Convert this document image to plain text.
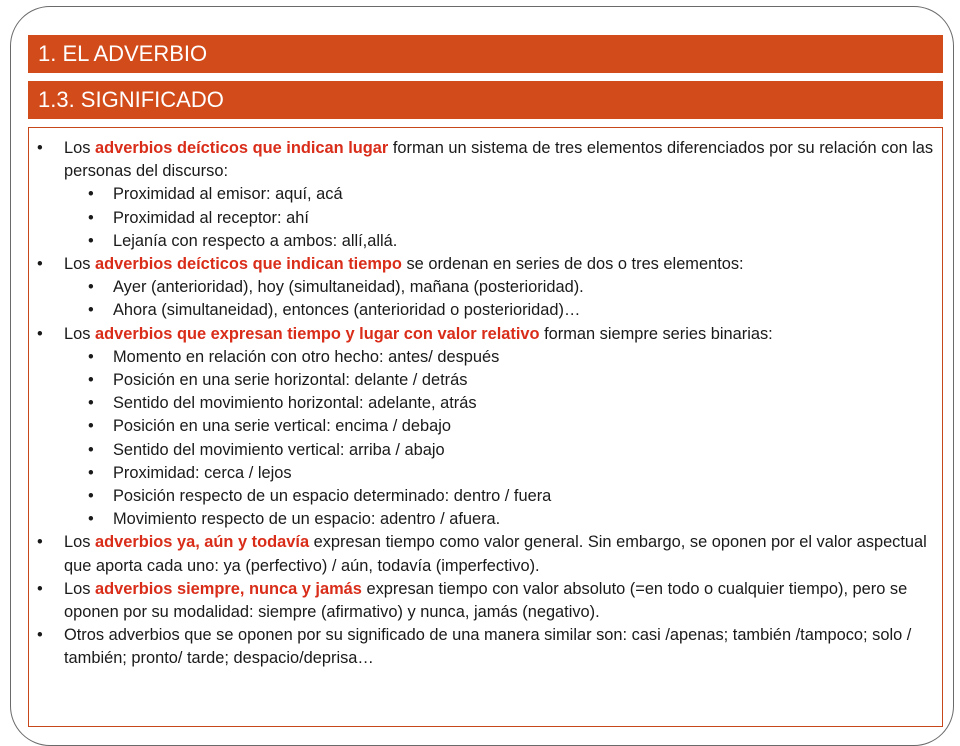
1. EL ADVERBIO
1.3. SIGNIFICADO
• Los adverbios deícticos que indican lugar forman un sistema de tres elementos diferenciados por su relación con las personas del discurso:
• Proximidad al emisor: aquí, acá
• Proximidad al receptor: ahí
• Lejanía con respecto a ambos: allí,allá.
• Los adverbios deícticos que indican tiempo se ordenan en series de dos o tres elementos:
• Ayer (anterioridad), hoy (simultaneidad), mañana (posterioridad).
• Ahora (simultaneidad), entonces (anterioridad o posterioridad)…
• Los adverbios que expresan tiempo y lugar con valor relativo forman siempre series binarias:
• Momento en relación con otro hecho: antes/ después
• Posición en una serie horizontal: delante / detrás
• Sentido del movimiento horizontal: adelante, atrás
• Posición en una serie vertical: encima / debajo
• Sentido del movimiento vertical: arriba / abajo
• Proximidad: cerca / lejos
• Posición respecto de un espacio determinado: dentro / fuera
• Movimiento respecto de un espacio: adentro / afuera.
• Los adverbios ya, aún y todavía expresan tiempo como valor general. Sin embargo, se oponen por el valor aspectual que aporta cada uno: ya (perfectivo) / aún, todavía (imperfectivo).
• Los adverbios siempre, nunca y jamás expresan tiempo con valor absoluto (=en todo o cualquier tiempo), pero se oponen por su modalidad: siempre (afirmativo) y nunca, jamás (negativo).
• Otros adverbios que se oponen por su significado de una manera similar son: casi /apenas; también /tampoco; solo / también; pronto/ tarde; despacio/deprisa…
